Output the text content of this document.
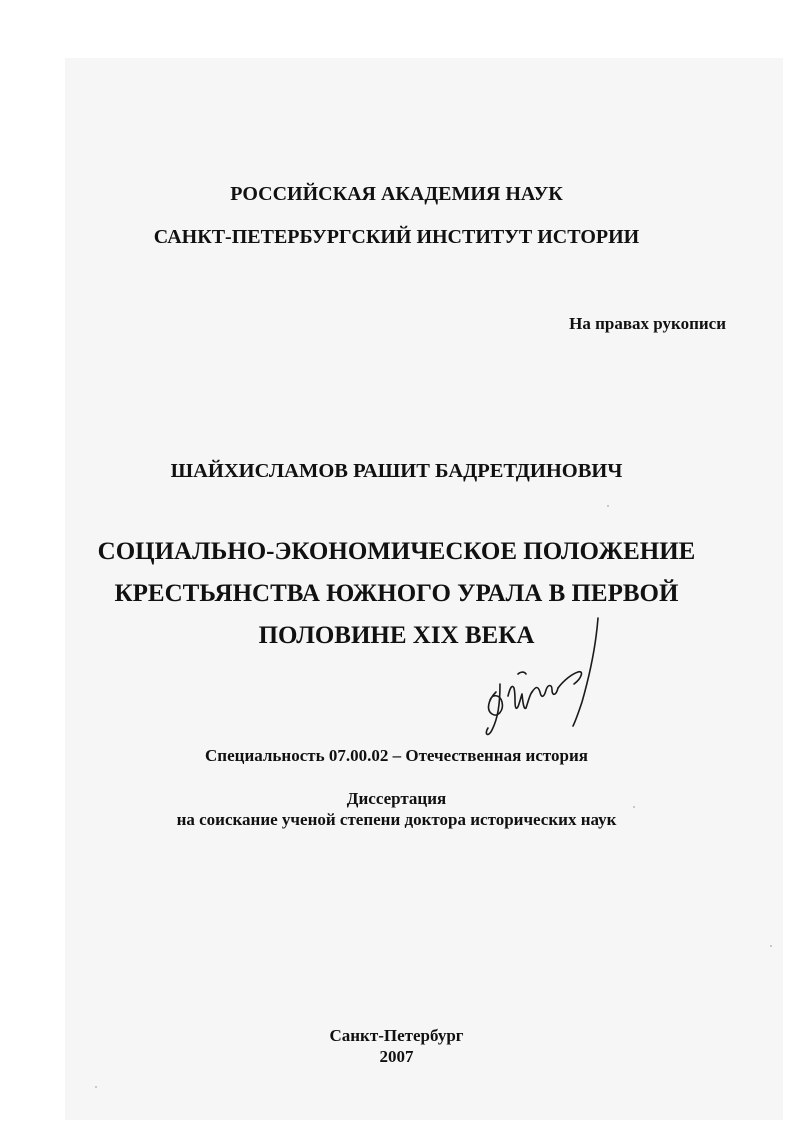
РОССИЙСКАЯ АКАДЕМИЯ НАУК
САНКТ-ПЕТЕРБУРГСКИЙ ИНСТИТУТ ИСТОРИИ
На правах рукописи
ШАЙХИСЛАМОВ РАШИТ БАДРЕТДИНОВИЧ
СОЦИАЛЬНО-ЭКОНОМИЧЕСКОЕ ПОЛОЖЕНИЕ
КРЕСТЬЯНСТВА ЮЖНОГО УРАЛА В ПЕРВОЙ
ПОЛОВИНЕ XIX ВЕКА
Специальность 07.00.02 – Отечественная история
Диссертация
на соискание ученой степени доктора исторических наук
Санкт-Петербург
2007
